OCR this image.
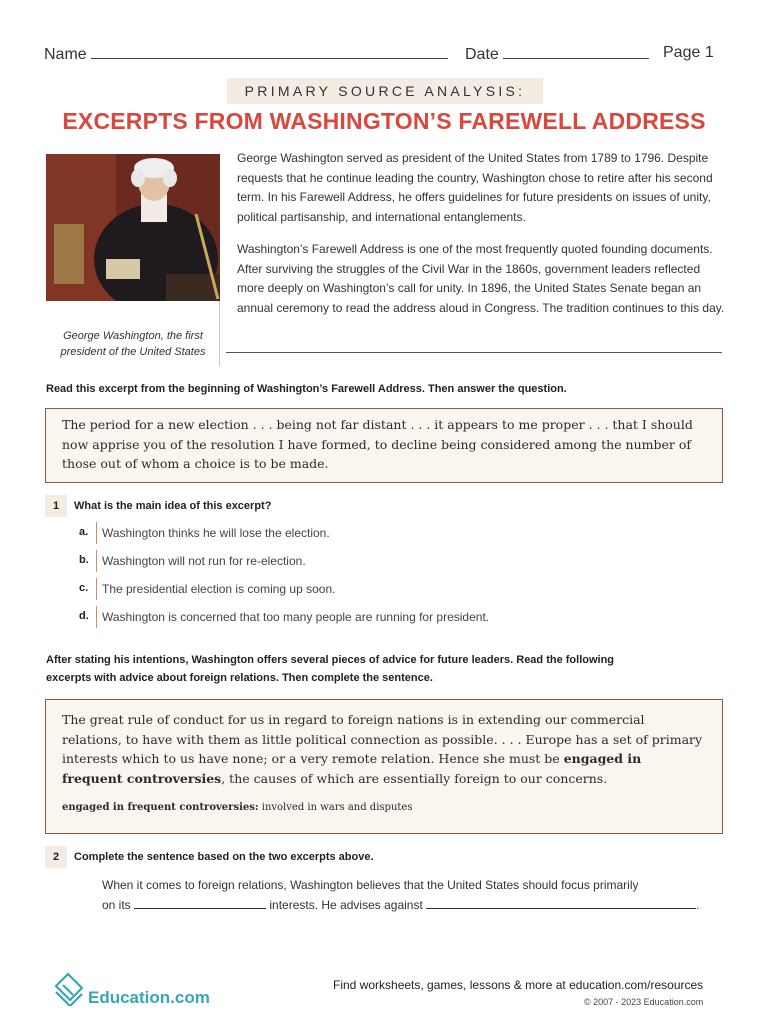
Name	Date	Page 1
PRIMARY SOURCE ANALYSIS:
EXCERPTS FROM WASHINGTON’S FAREWELL ADDRESS
George Washington, the first
president of the United States
George Washington served as president of the United States from 1789 to 1796. Despite requests that he continue leading the country, Washington chose to retire after his second term. In his Farewell Address, he offers guidelines for future presidents on issues of unity, political partisanship, and international entanglements.
Washington’s Farewell Address is one of the most frequently quoted founding documents. After surviving the struggles of the Civil War in the 1860s, government leaders reflected more deeply on Washington’s call for unity. In 1896, the United States Senate began an annual ceremony to read the address aloud in Congress. The tradition continues to this day.
Read this excerpt from the beginning of Washington’s Farewell Address. Then answer the question.
The period for a new election . . . being not far distant . . . it appears to me proper . . . that I should now apprise you of the resolution I have formed, to decline being considered among the number of those out of whom a choice is to be made.
1	What is the main idea of this excerpt?
a.	Washington thinks he will lose the election.
b.	Washington will not run for re-election.
c.	The presidential election is coming up soon.
d.	Washington is concerned that too many people are running for president.
After stating his intentions, Washington offers several pieces of advice for future leaders. Read the following
excerpts with advice about foreign relations. Then complete the sentence.
The great rule of conduct for us in regard to foreign nations is in extending our commercial relations, to have with them as little political connection as possible. . . . Europe has a set of primary interests which to us have none; or a very remote relation. Hence she must be engaged in frequent controversies, the causes of which are essentially foreign to our concerns.
engaged in frequent controversies: involved in wars and disputes
2	Complete the sentence based on the two excerpts above.
When it comes to foreign relations, Washington believes that the United States should focus primarily
on its	interests. He advises against	.
Education.com
Find worksheets, games, lessons & more at education.com/resources
© 2007 - 2023 Education.com
